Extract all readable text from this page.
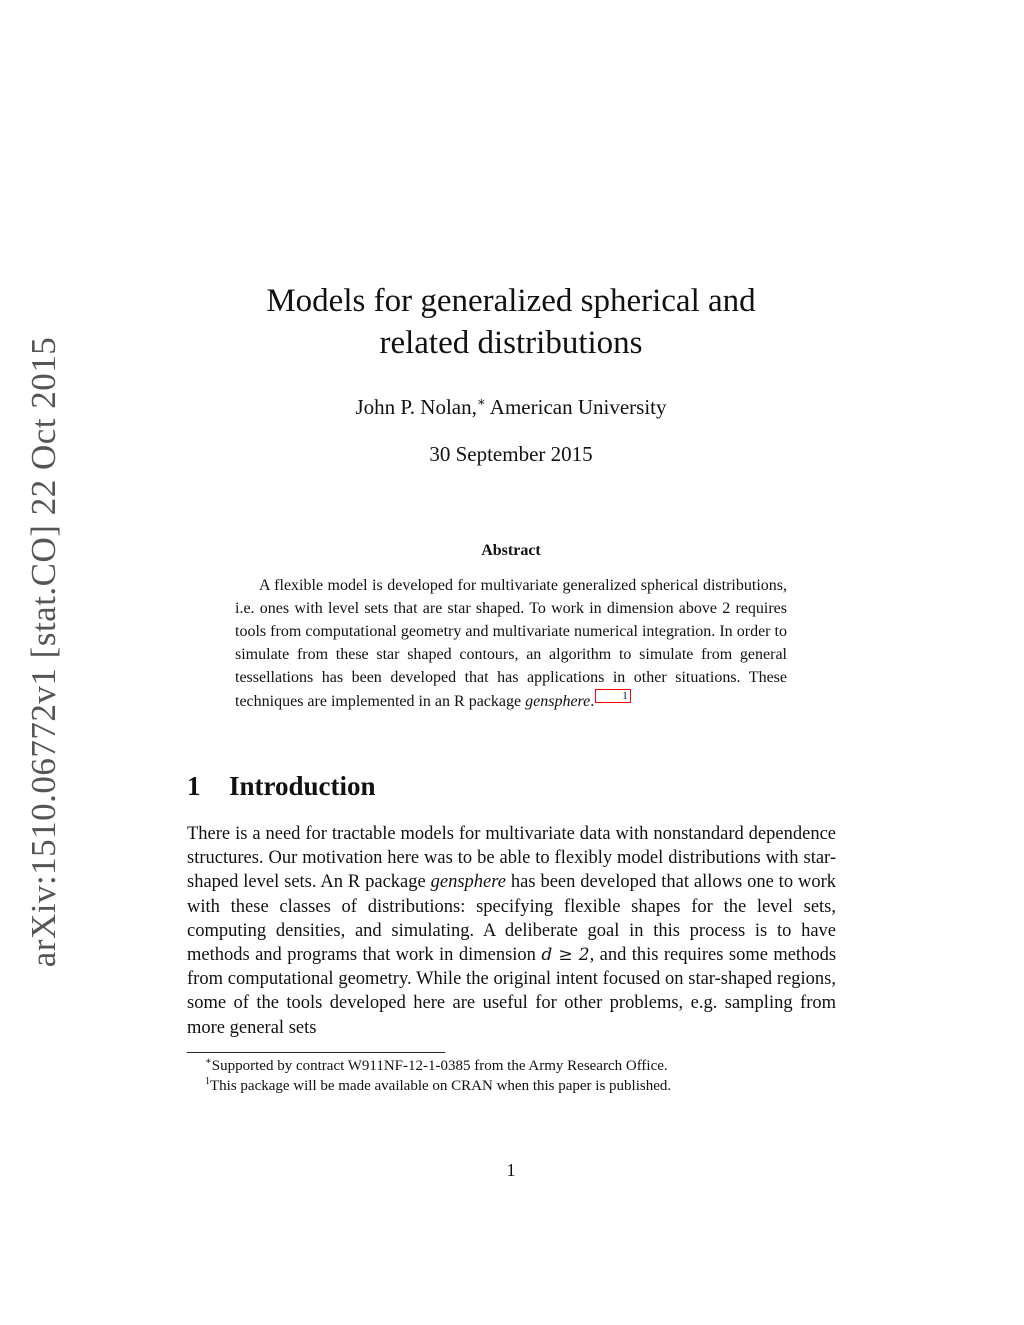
arXiv:1510.06772v1 [stat.CO] 22 Oct 2015
Models for generalized spherical and
related distributions
John P. Nolan,∗ American University
30 September 2015
Abstract

A flexible model is developed for multivariate generalized spherical distributions, i.e. ones with level sets that are star shaped. To work in dimension above 2 requires tools from computational geometry and multivariate numerical integration. In order to simulate from these star shaped contours, an algorithm to simulate from general tessellations has been developed that has applications in other situations. These techniques are implemented in an R package gensphere.	1

1 Introduction

There is a need for tractable models for multivariate data with nonstandard dependence structures. Our motivation here was to be able to flexibly model distributions with star-shaped level sets. An R package gensphere has been developed that allows one to work with these classes of distributions: specifying flexible shapes for the level sets, computing densities, and simulating. A deliberate goal in this process is to have methods and programs that work in dimension d ≥ 2, and this requires some methods from computational geometry. While the original intent focused on star-shaped regions, some of the tools developed here are useful for other problems, e.g. sampling from more general sets

∗Supported by contract W911NF-12-1-0385 from the Army Research Office.
$^1$This package will be made available on CRAN when this paper is published.
1
